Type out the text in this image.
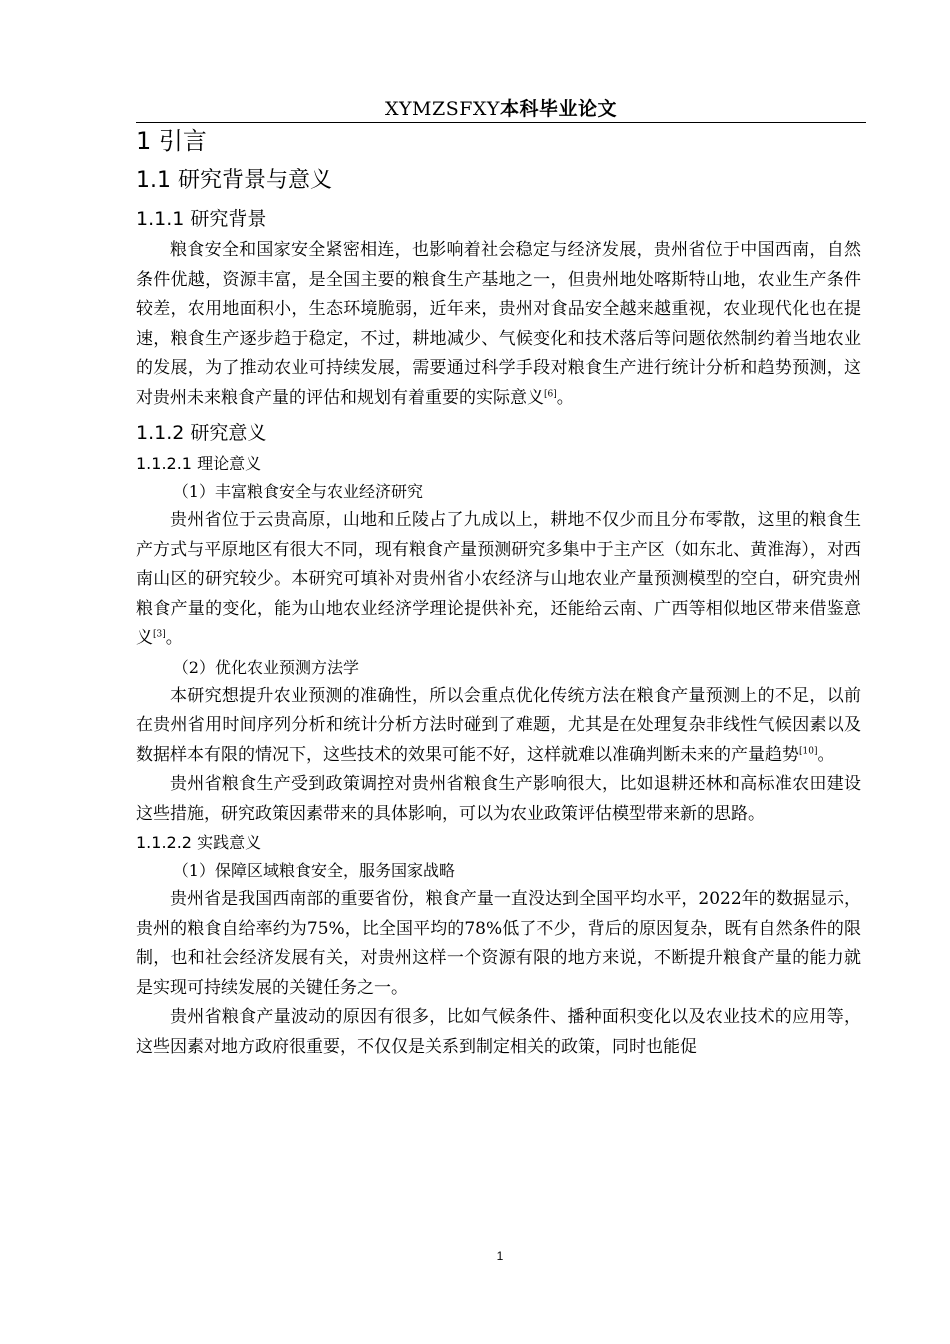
XYMZSFXY本科毕业论文
1 引言
1.1 研究背景与意义
1.1.1 研究背景

粮食安全和国家安全紧密相连，也影响着社会稳定与经济发展，贵州省位于中国西南，自然条件优越，资源丰富，是全国主要的粮食生产基地之一，但贵州地处喀斯特山地，农业生产条件较差，农用地面积小，生态环境脆弱，近年来，贵州对食品安全越来越重视，农业现代化也在提速，粮食生产逐步趋于稳定，不过，耕地减少、气候变化和技术落后等问题依然制约着当地农业的发展，为了推动农业可持续发展，需要通过科学手段对粮食生产进行统计分析和趋势预测，这对贵州未来粮食产量的评估和规划有着重要的实际意义[6]。

1.1.2 研究意义
1.1.2.1 理论意义
（1）丰富粮食安全与农业经济研究

贵州省位于云贵高原，山地和丘陵占了九成以上，耕地不仅少而且分布零散，这里的粮食生产方式与平原地区有很大不同，现有粮食产量预测研究多集中于主产区（如东北、黄淮海），对西南山区的研究较少。本研究可填补对贵州省小农经济与山地农业产量预测模型的空白，研究贵州粮食产量的变化，能为山地农业经济学理论提供补充，还能给云南、广西等相似地区带来借鉴意义[3]。

（2）优化农业预测方法学

本研究想提升农业预测的准确性，所以会重点优化传统方法在粮食产量预测上的不足，以前在贵州省用时间序列分析和统计分析方法时碰到了难题，尤其是在处理复杂非线性气候因素以及数据样本有限的情况下，这些技术的效果可能不好，这样就难以准确判断未来的产量趋势[10]。

贵州省粮食生产受到政策调控对贵州省粮食生产影响很大，比如退耕还林和高标准农田建设这些措施，研究政策因素带来的具体影响，可以为农业政策评估模型带来新的思路。

1.1.2.2 实践意义
（1）保障区域粮食安全，服务国家战略

贵州省是我国西南部的重要省份，粮食产量一直没达到全国平均水平，2022年的数据显示，贵州的粮食自给率约为75%，比全国平均的78%低了不少，背后的原因复杂，既有自然条件的限制，也和社会经济发展有关，对贵州这样一个资源有限的地方来说，不断提升粮食产量的能力就是实现可持续发展的关键任务之一。

贵州省粮食产量波动的原因有很多，比如气候条件、播种面积变化以及农业技术的应用等，这些因素对地方政府很重要，不仅仅是关系到制定相关的政策，同时也能促

1
